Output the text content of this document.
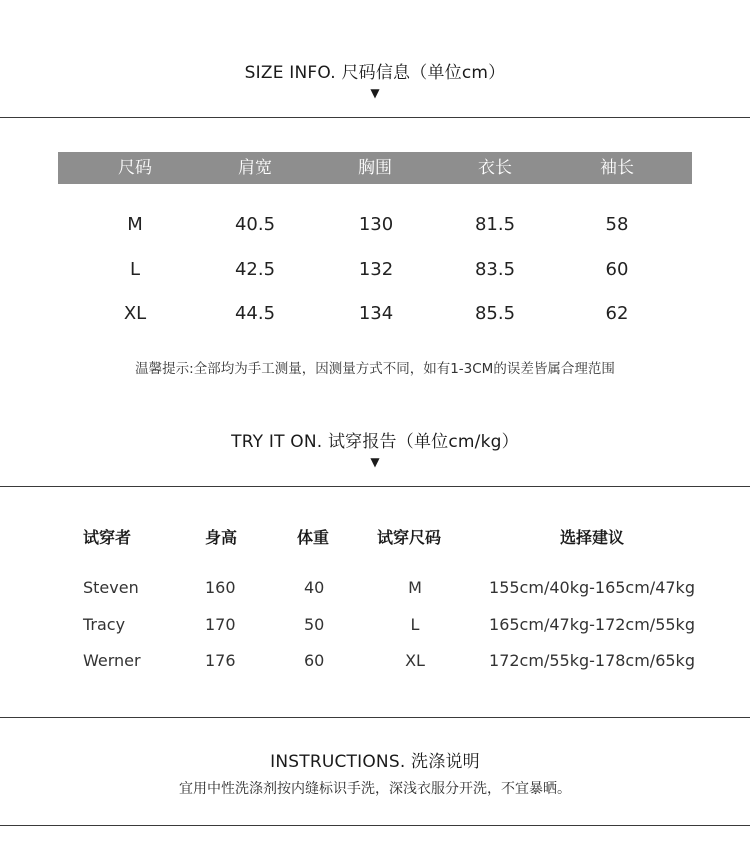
SIZE INFO. 尺码信息（单位cm）
▼
尺码	肩宽	胸围	衣长	袖长
M	40.5	130	81.5	58
L	42.5	132	83.5	60
XL	44.5	134	85.5	62
温馨提示:全部均为手工测量，因测量方式不同，如有1-3CM的误差皆属合理范围
TRY IT ON. 试穿报告（单位cm/kg）
▼
试穿者	身高	体重	试穿尺码	选择建议
Steven	160	40	M	155cm/40kg-165cm/47kg
Tracy	170	50	L	165cm/47kg-172cm/55kg
Werner	176	60	XL	172cm/55kg-178cm/65kg
INSTRUCTIONS. 洗涤说明
宜用中性洗涤剂按内缝标识手洗，深浅衣服分开洗，不宜暴晒。
